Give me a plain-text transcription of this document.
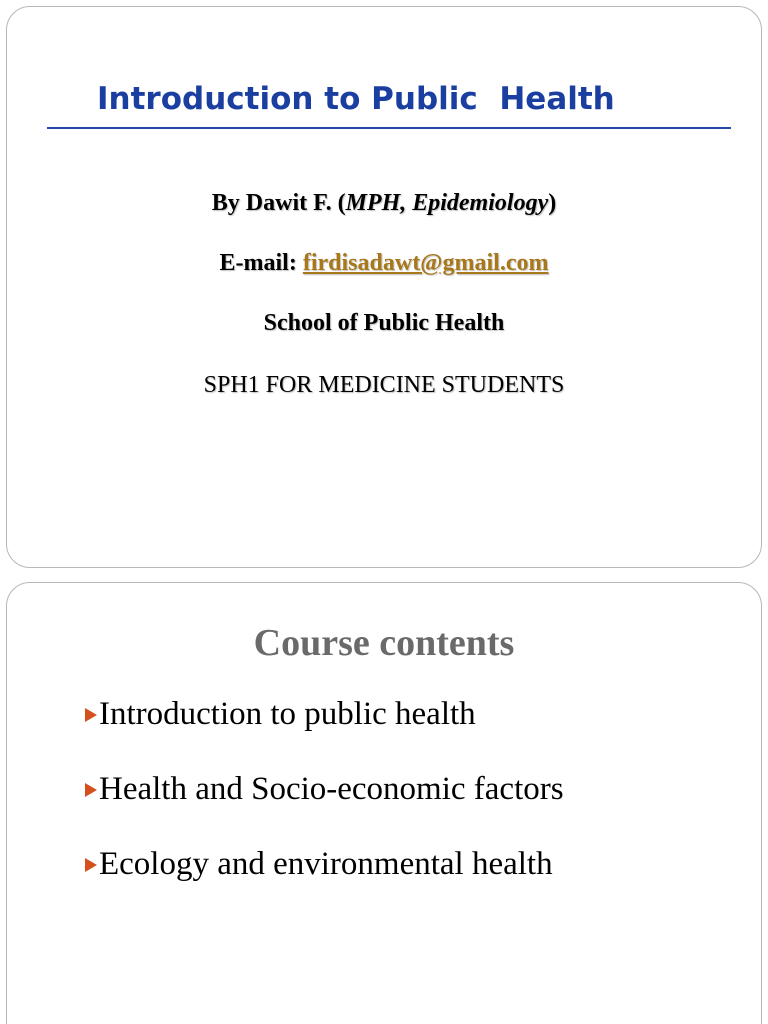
Introduction to Public  Health

By Dawit F. (MPH, Epidemiology)

E-mail: firdisadawt@gmail.com

School of Public Health

SPH1 FOR MEDICINE STUDENTS

Course contents
Introduction to public health
Health and Socio-economic factors
Ecology and environmental health
